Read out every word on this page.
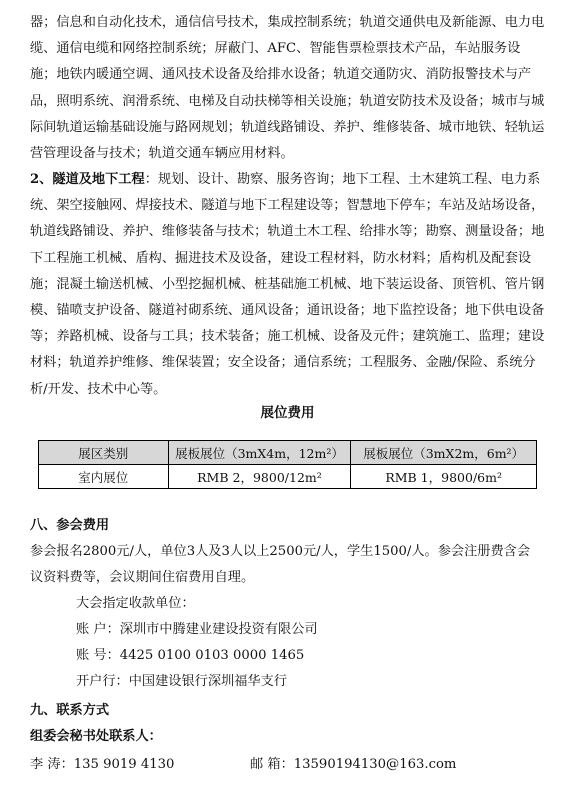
器；信息和自动化技术，通信信号技术，集成控制系统；轨道交通供电及新能源、电力电缆、通信电缆和网络控制系统；屏蔽门、AFC、智能售票检票技术产品，车站服务设施；地铁内暖通空调、通风技术设备及给排水设备；轨道交通防灾、消防报警技术与产品，照明系统、润滑系统、电梯及自动扶梯等相关设施；轨道安防技术及设备；城市与城际间轨道运输基础设施与路网规划；轨道线路铺设、养护、维修装备、城市地铁、轻轨运营管理设备与技术；轨道交通车辆应用材料。

2、隧道及地下工程：规划、设计、勘察、服务咨询；地下工程、土木建筑工程、电力系统、架空接触网、焊接技术、隧道与地下工程建设等；智慧地下停车；车站及站场设备，轨道线路铺设、养护、维修装备与技术；轨道土木工程、给排水等；勘察、测量设备；地下工程施工机械、盾构、掘进技术及设备，建设工程材料，防水材料；盾构机及配套设施；混凝土输送机械、小型挖掘机械、桩基础施工机械、地下装运设备、顶管机、管片钢模、锚喷支护设备、隧道衬砌系统、通风设备；通讯设备；地下监控设备；地下供电设备等；养路机械、设备与工具；技术装备；施工机械、设备及元件；建筑施工、监理；建设材料；轨道养护维修、维保装置；安全设备；通信系统；工程服务、金融/保险、系统分析/开发、技术中心等。

展位费用
展区类别	展板展位（3mX4m，12m²）	展板展位（3mX2m，6m²）
室内展位	RMB 2，9800/12m²	RMB 1，9800/6m²
八、参会费用
参会报名2800元/人，单位3人及3人以上2500元/人，学生1500/人。参会注册费含会
议资料费等，会议期间住宿费用自理。
大会指定收款单位：
账 户：深圳市中腾建业建设投资有限公司
账 号：4425 0100 0103 0000 1465
开户行：中国建设银行深圳福华支行
九、联系方式
组委会秘书处联系人：
李 涛：135 9019 4130	邮 箱：13590194130@163.com
